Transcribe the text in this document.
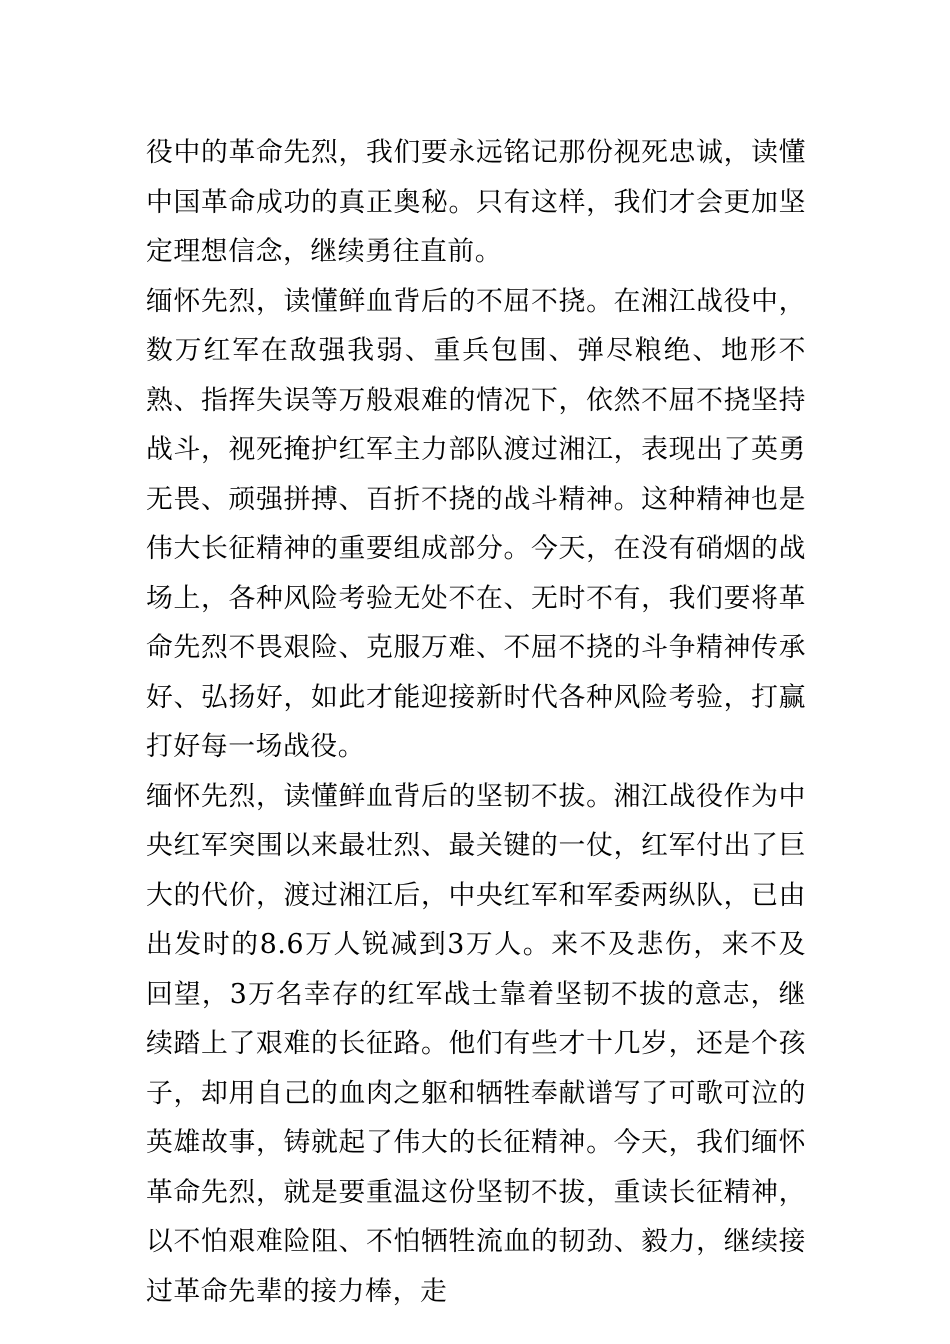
役中的革命先烈，我们要永远铭记那份视死忠诚，读懂中国革命成功的真正奥秘。只有这样，我们才会更加坚定理想信念，继续勇往直前。

缅怀先烈，读懂鲜血背后的不屈不挠。在湘江战役中，数万红军在敌强我弱、重兵包围、弹尽粮绝、地形不熟、指挥失误等万般艰难的情况下，依然不屈不挠坚持战斗，视死掩护红军主力部队渡过湘江，表现出了英勇无畏、顽强拼搏、百折不挠的战斗精神。这种精神也是伟大长征精神的重要组成部分。今天，在没有硝烟的战场上，各种风险考验无处不在、无时不有，我们要将革命先烈不畏艰险、克服万难、不屈不挠的斗争精神传承好、弘扬好，如此才能迎接新时代各种风险考验，打赢打好每一场战役。

缅怀先烈，读懂鲜血背后的坚韧不拔。湘江战役作为中央红军突围以来最壮烈、最关键的一仗，红军付出了巨大的代价，渡过湘江后，中央红军和军委两纵队，已由出发时的8.6万人锐减到3万人。来不及悲伤，来不及回望，3万名幸存的红军战士靠着坚韧不拔的意志，继续踏上了艰难的长征路。他们有些才十几岁，还是个孩子，却用自己的血肉之躯和牺牲奉献谱写了可歌可泣的英雄故事，铸就起了伟大的长征精神。今天，我们缅怀革命先烈，就是要重温这份坚韧不拔，重读长征精神，以不怕艰难险阻、不怕牺牲流血的韧劲、毅力，继续接过革命先辈的接力棒，走
